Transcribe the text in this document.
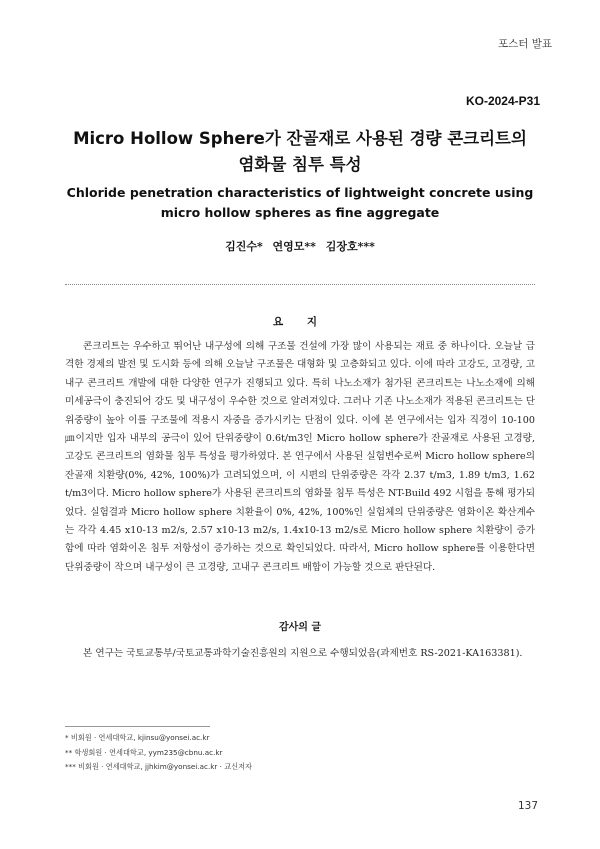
포스터 발표
KO-2024-P31
Micro Hollow Sphere가 잔골재로 사용된 경량 콘크리트의
염화물 침투 특성
Chloride penetration characteristics of lightweight concrete using
micro hollow spheres as fine aggregate
김진수* 연영모** 김장호***
요 지

콘크리트는 우수하고 뛰어난 내구성에 의해 구조물 건설에 가장 많이 사용되는 재료 중 하나이다. 오늘날 급격한 경제의 발전 및 도시화 등에 의해 오늘날 구조물은 대형화 및 고층화되고 있다. 이에 따라 고강도, 고경량, 고내구 콘크리트 개발에 대한 다양한 연구가 진행되고 있다. 특히 나노소재가 첨가된 콘크리트는 나노소재에 의해 미세공극이 충진되어 강도 및 내구성이 우수한 것으로 알려져있다. 그러나 기존 나노소재가 적용된 콘크리트는 단위중량이 높아 이를 구조물에 적용시 자중을 증가시키는 단점이 있다. 이에 본 연구에서는 입자 직경이 10-100 ㎛이지만 입자 내부의 공극이 있어 단위중량이 0.6t/m3인 Micro hollow sphere가 잔골재로 사용된 고경량, 고강도 콘크리트의 염화물 침투 특성을 평가하였다. 본 연구에서 사용된 실험변수로써 Micro hollow sphere의 잔골재 치환량(0%, 42%, 100%)가 고려되었으며, 이 시편의 단위중량은 각각 2.37 t/m3, 1.89 t/m3, 1.62 t/m3이다. Micro hollow sphere가 사용된 콘크리트의 염화물 침투 특성은 NT-Build 492 시험을 통해 평가되었다. 실험결과 Micro hollow sphere 치환율이 0%, 42%, 100%인 실험체의 단위중량은 염화이온 확산계수는 각각 4.45 x10-13 m2/s, 2.57 x10-13 m2/s, 1.4x10-13 m2/s로 Micro hollow sphere 치환량이 증가함에 따라 염화이온 침투 저항성이 증가하는 것으로 확인되었다. 따라서, Micro hollow sphere를 이용한다면 단위중량이 작으며 내구성이 큰 고경량, 고내구 콘크리트 배합이 가능할 것으로 판단된다.

감사의 글

본 연구는 국토교통부/국토교통과학기술진흥원의 지원으로 수행되었음(과제번호 RS-2021-KA163381).

* 비회원 · 연세대학교, kjinsu@yonsei.ac.kr
** 학생회원 · 연세대학교, yym235@cbnu.ac.kr
*** 비회원 · 연세대학교, jjhkim@yonsei.ac.kr · 교신저자
137
